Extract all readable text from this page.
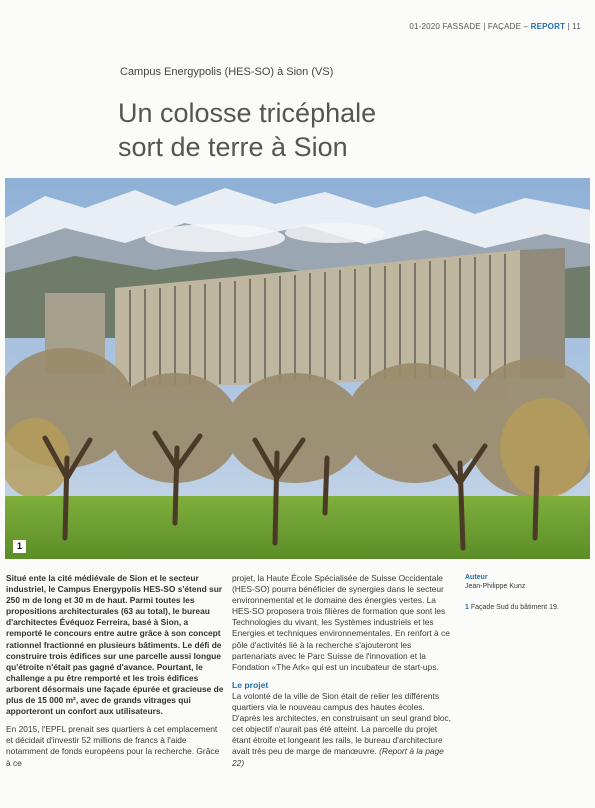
01-2020 FASSADE | FAÇADE – REPORT | 11
Campus Energypolis (HES-SO) à Sion (VS)
Un colosse tricéphale
sort de terre à Sion
1

Situé ente la cité médiévale de Sion et le secteur industriel, le Campus Energypolis HES-SO s'étend sur 250 m de long et 30 m de haut. Parmi toutes les propositions architecturales (63 au total), le bureau d'architectes Évéquoz Ferreira, basé à Sion, a remporté le concours entre autre grâce à son concept rationnel fractionné en plusieurs bâtiments. Le défi de construire trois édifices sur une parcelle aussi longue qu'étroite n'était pas gagné d'avance. Pourtant, le challenge a pu être remporté et les trois édifices arborent désormais une façade épurée et gracieuse de plus de 15 000 m², avec de grands vitrages qui apporteront un confort aux utilisateurs.

En 2015, l'EPFL prenait ses quartiers à cet emplacement et décidait d'investir 52 millions de francs à l'aide notamment de fonds européens pour la recherche. Grâce à ce

projet, la Haute École Spécialisée de Suisse Occidentale (HES-SO) pourra bénéficier de synergies dans le secteur environnemental et le domaine des énergies vertes. La HES-SO proposera trois filières de formation que sont les Technologies du vivant, les Systèmes industriels et les Energies et techniques environnementales. En renfort à ce pôle d'activités lié à la recherche s'ajouteront les partenariats avec le Parc Suisse de l'innovation et la Fondation «The Ark» qui est un incubateur de start-ups.

Le projet

La volonté de la ville de Sion était de relier les différents quartiers via le nouveau campus des hautes écoles. D'après les architectes, en construisant un seul grand bloc, cet objectif n'aurait pas été atteint. La parcelle du projet étant étroite et longeant les rails, le bureau d'architecture avait très peu de marge de manœuvre. (Report à la page 22)

Auteur
Jean-Philippe Kunz
1 Façade Sud du bâtiment 19.
